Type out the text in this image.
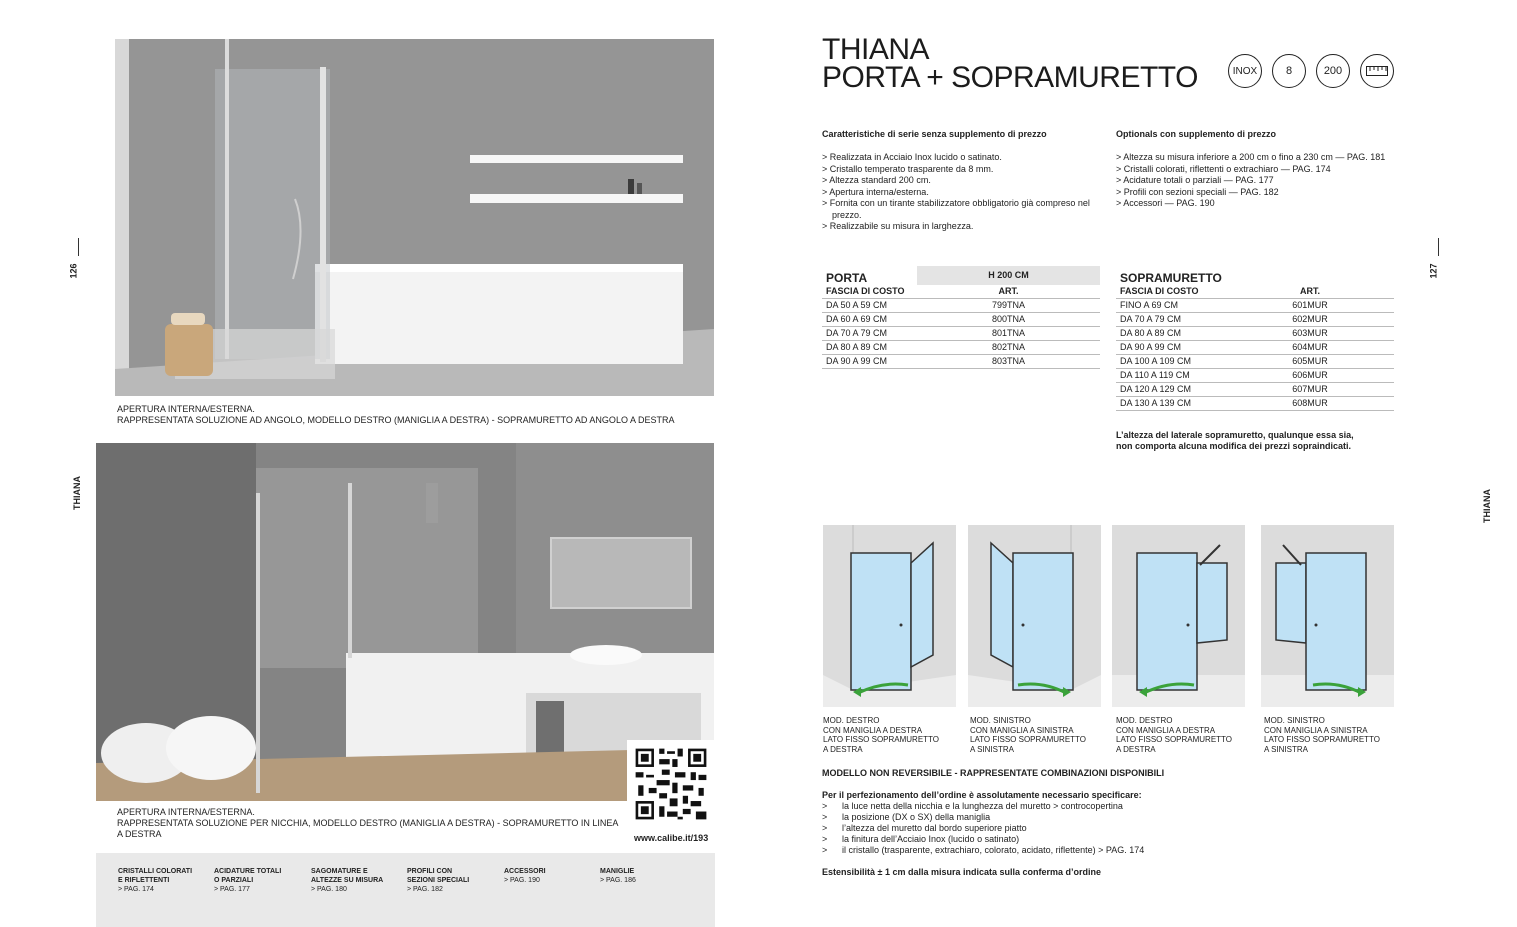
126
THIANA
APERTURA INTERNA/ESTERNA.
RAPPRESENTATA SOLUZIONE AD ANGOLO, MODELLO DESTRO (MANIGLIA A DESTRA) - SOPRAMURETTO AD ANGOLO A DESTRA
APERTURA INTERNA/ESTERNA.
RAPPRESENTATA SOLUZIONE PER NICCHIA, MODELLO DESTRO (MANIGLIA A DESTRA) - SOPRAMURETTO IN LINEA
A DESTRA	www.calibe.it/193
CRISTALLI COLORATI
E RIFLETTENTI
> PAG. 174
ACIDATURE TOTALI
O PARZIALI
> PAG. 177
SAGOMATURE E
ALTEZZE SU MISURA
> PAG. 180
PROFILI CON
SEZIONI SPECIALI
> PAG. 182
ACCESSORI
> PAG. 190
MANIGLIE
> PAG. 186
THIANA
PORTA + SOPRAMURETTO	INOX	8	200
Caratteristiche di serie senza supplemento di prezzo
> Realizzata in Acciaio Inox lucido o satinato.
> Cristallo temperato trasparente da 8 mm.
> Altezza standard 200 cm.
> Apertura interna/esterna.
> Fornita con un tirante stabilizzatore obbligatorio già compreso nel prezzo.
> Realizzabile su misura in larghezza.
Optionals con supplemento di prezzo
> Altezza su misura inferiore a 200 cm o fino a 230 cm — PAG. 181
> Cristalli colorati, riflettenti o extrachiaro — PAG. 174
> Acidature totali o parziali — PAG. 177
> Profili con sezioni speciali — PAG. 182
> Accessori — PAG. 190
PORTA	H 200 CM
FASCIA DI COSTO	ART.
DA 50 A 59 CM	799TNA
DA 60 A 69 CM	800TNA
DA 70 A 79 CM	801TNA
DA 80 A 89 CM	802TNA
DA 90 A 99 CM	803TNA
SOPRAMURETTO	
FASCIA DI COSTO	ART.
FINO A 69 CM	601MUR
DA 70 A 79 CM	602MUR
DA 80 A 89 CM	603MUR
DA 90 A 99 CM	604MUR
DA 100 A 109 CM	605MUR
DA 110 A 119 CM	606MUR
DA 120 A 129 CM	607MUR
DA 130 A 139 CM	608MUR
L’altezza del laterale sopramuretto, qualunque essa sia,
non comporta alcuna modifica dei prezzi sopraindicati.
127
THIANA
MOD. DESTRO
CON MANIGLIA A DESTRA
LATO FISSO SOPRAMURETTO
A DESTRA
MOD. SINISTRO
CON MANIGLIA A SINISTRA
LATO FISSO SOPRAMURETTO
A SINISTRA
MOD. DESTRO
CON MANIGLIA A DESTRA
LATO FISSO SOPRAMURETTO
A DESTRA
MOD. SINISTRO
CON MANIGLIA A SINISTRA
LATO FISSO SOPRAMURETTO
A SINISTRA
MODELLO NON REVERSIBILE - RAPPRESENTATE COMBINAZIONI DISPONIBILI
Per il perfezionamento dell’ordine è assolutamente necessario specificare:
> la luce netta della nicchia e la lunghezza del muretto > controcopertina
> la posizione (DX o SX) della maniglia
> l’altezza del muretto dal bordo superiore piatto
> la finitura dell’Acciaio Inox (lucido o satinato)
> il cristallo (trasparente, extrachiaro, colorato, acidato, riflettente) > PAG. 174
Estensibilità ± 1 cm dalla misura indicata sulla conferma d’ordine
